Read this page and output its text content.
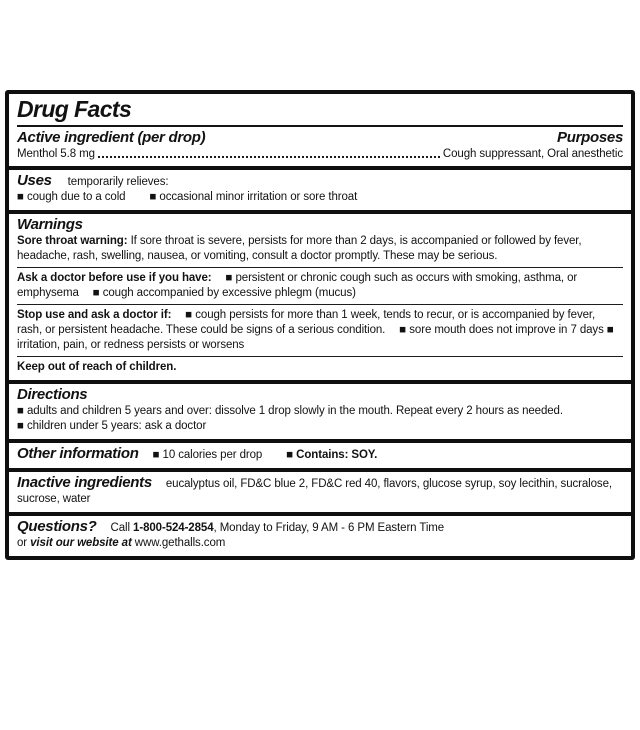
Drug Facts
Active ingredient (per drop)	Purposes
Menthol 5.8 mg	Cough suppressant, Oral anesthetic

Uses temporarily relieves:

■ cough due to a cold ■ occasional minor irritation or sore throat

Warnings

Sore throat warning: If sore throat is severe, persists for more than 2 days, is accompanied or followed by fever, headache, rash, swelling, nausea, or vomiting, consult a doctor promptly. These may be serious.

Ask a doctor before use if you have: ■ persistent or chronic cough such as occurs with smoking, asthma, or emphysema ■ cough accompanied by excessive phlegm (mucus)

Stop use and ask a doctor if: ■ cough persists for more than 1 week, tends to recur, or is accompanied by fever, rash, or persistent headache. These could be signs of a serious condition. ■ sore mouth does not improve in 7 days ■ irritation, pain, or redness persists or worsens

Keep out of reach of children.

Directions

■ adults and children 5 years and over: dissolve 1 drop slowly in the mouth. Repeat every 2 hours as needed.

■ children under 5 years: ask a doctor

Other information ■ 10 calories per drop ■ Contains: SOY.

Inactive ingredients eucalyptus oil, FD&C blue 2, FD&C red 40, flavors, glucose syrup, soy lecithin, sucralose, sucrose, water

Questions? Call 1-800-524-2854, Monday to Friday, 9 AM - 6 PM Eastern Time

or visit our website at www.gethalls.com
